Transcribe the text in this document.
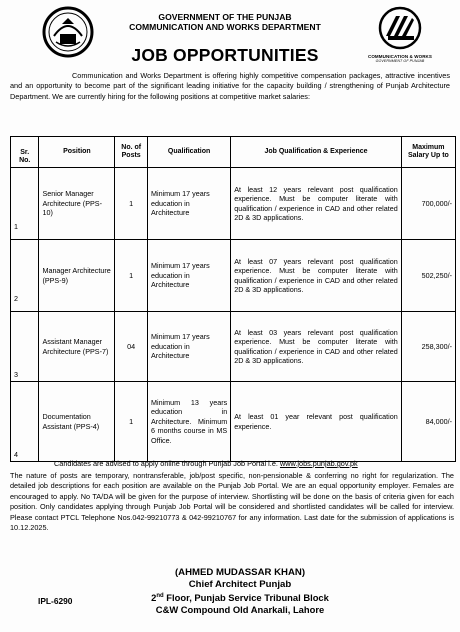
COMMUNICATION & WORKS
GOVERNMENT OF PUNJAB
GOVERNMENT OF THE PUNJAB
COMMUNICATION AND WORKS DEPARTMENT
JOB OPPORTUNITIES
Communication and Works Department is offering highly competitive compensation packages, attractive incentives and an opportunity to become part of the significant leading initiative for the capacity building / strengthening of Punjab Architecture Department. We are currently hiring for the following positions at competitive market salaries:
Sr. No.	Position	No. of Posts	Qualification	Job Qualification & Experience	Maximum Salary Up to
1	Senior Manager Architecture (PPS-10)	1	Minimum 17 years education in Architecture	At least 12 years relevant post qualification experience. Must be computer literate with qualification / experience in CAD and other related 2D & 3D applications.	700,000/-
2	Manager Architecture (PPS-9)	1	Minimum 17 years education in Architecture	At least 07 years relevant post qualification experience. Must be computer literate with qualification / experience in CAD and other related 2D & 3D applications.	502,250/-
3	Assistant Manager Architecture (PPS-7)	04	Minimum 17 years education in Architecture	At least 03 years relevant post qualification experience. Must be computer literate with qualification / experience in CAD and other related 2D & 3D applications.	258,300/-
4	Documentation Assistant (PPS-4)	1	Minimum 13 years education in Architecture. Minimum 6 months course in MS Office.	At least 01 year relevant post qualification experience.	84,000/-
Candidates are advised to apply online through Punjab Job Portal i.e. www.jobs.punjab.gov.pk
The nature of posts are temporary, nontransferable, job/post specific, non-pensionable & conferring no right for regularization. The detailed job descriptions for each position are available on the Punjab Job Portal. We are an equal opportunity employer. Females are encouraged to apply. No TA/DA will be given for the purpose of interview. Shortlisting will be done on the basis of criteria given for each position. Only candidates applying through Punjab Job Portal will be considered and shortlisted candidates will be called for interview. Please contact PTCL Telephone Nos.042-99210773 & 042-99210767 for any information. Last date for the submission of applications is 10.12.2025.
(AHMED MUDASSAR KHAN)
Chief Architect Punjab
2nd Floor, Punjab Service Tribunal Block
C&W Compound Old Anarkali, Lahore
IPL-6290
